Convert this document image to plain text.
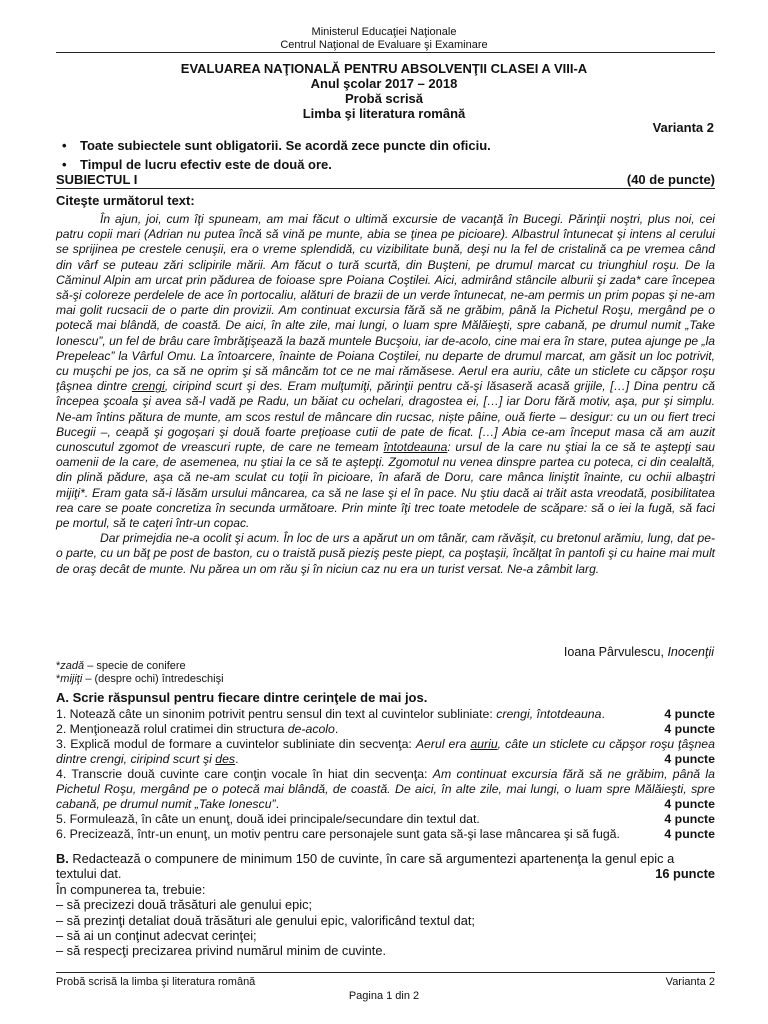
Ministerul Educaţiei Naţionale
Centrul Naţional de Evaluare şi Examinare
EVALUAREA NAŢIONALĂ PENTRU ABSOLVENŢII CLASEI A VIII-A
Anul şcolar 2017 – 2018
Probă scrisă
Limba şi literatura română
Varianta 2
•	Toate subiectele sunt obligatorii. Se acordă zece puncte din oficiu.
•	Timpul de lucru efectiv este de două ore.
SUBIECTUL I	(40 de puncte)
Citeşte următorul text:

În ajun, joi, cum îţi spuneam, am mai făcut o ultimă excursie de vacanţă în Bucegi. Părinţii noştri, plus noi, cei patru copii mari (Adrian nu putea încă să vină pe munte, abia se ţinea pe picioare). Albastrul întunecat şi intens al cerului se sprijinea pe crestele cenuşii, era o vreme splendidă, cu vizibilitate bună, deşi nu la fel de cristalină ca pe vremea când din vârf se puteau zări sclipirile mării. Am făcut o tură scurtă, din Buşteni, pe drumul marcat cu triunghiul roşu. De la Căminul Alpin am urcat prin pădurea de foioase spre Poiana Coştilei. Aici, admirând stâncile alburii şi zada* care începea să-şi coloreze perdelele de ace în portocaliu, alături de brazii de un verde întunecat, ne-am permis un prim popas şi ne-am mai golit rucsacii de o parte din provizii. Am continuat excursia fără să ne grăbim, până la Pichetul Roşu, mergând pe o potecă mai blândă, de coastă. De aici, în alte zile, mai lungi, o luam spre Mălăieşti, spre cabană, pe drumul numit „Take Ionescu”, un fel de brâu care îmbrăţişează la bază muntele Bucşoiu, iar de-acolo, cine mai era în stare, putea ajunge pe „la Prepeleac” la Vârful Omu. La întoarcere, înainte de Poiana Coştilei, nu departe de drumul marcat, am găsit un loc potrivit, cu muşchi pe jos, ca să ne oprim şi să mâncăm tot ce ne mai rămăsese. Aerul era auriu, câte un sticlete cu căpşor roşu ţâşnea dintre crengi, ciripind scurt şi des. Eram mulţumiţi, părinţii pentru că-şi lăsaseră acasă grijile, […] Dina pentru că începea şcoala şi avea să-l vadă pe Radu, un băiat cu ochelari, dragostea ei, […] iar Doru fără motiv, aşa, pur şi simplu. Ne-am întins pătura de munte, am scos restul de mâncare din rucsac, niște pâine, ouă fierte – desigur: cu un ou fiert treci Bucegii –, ceapă şi gogoşari şi două foarte preţioase cutii de pate de ficat. […] Abia ce-am început masa că am auzit cunoscutul zgomot de vreascuri rupte, de care ne temeam întotdeauna: ursul de la care nu ştiai la ce să te aştepţi sau oamenii de la care, de asemenea, nu ştiai la ce să te aştepţi. Zgomotul nu venea dinspre partea cu poteca, ci din cealaltă, din plină pădure, aşa că ne-am sculat cu toţii în picioare, în afară de Doru, care mânca liniştit înainte, cu ochii albaştri mijiţi*. Eram gata să-i lăsăm ursului mâncarea, ca să ne lase şi el în pace. Nu ştiu dacă ai trăit asta vreodată, posibilitatea rea care se poate concretiza în secunda următoare. Prin minte îţi trec toate metodele de scăpare: să o iei la fugă, să faci pe mortul, să te caţeri într-un copac.

Dar primejdia ne-a ocolit şi acum. În loc de urs a apărut un om tânăr, cam răvăşit, cu bretonul arămiu, lung, dat pe-o parte, cu un băţ pe post de baston, cu o traistă pusă pieziş peste piept, ca poştaşii, încălţat în pantofi şi cu haine mai mult de oraş decât de munte. Nu părea un om rău şi în niciun caz nu era un turist versat. Ne-a zâmbit larg.

Ioana Pârvulescu, Inocenţii
*zadă – specie de conifere
*mijiţi – (despre ochi) întredeschişi
A. Scrie răspunsul pentru fiecare dintre cerinţele de mai jos.
1. Notează câte un sinonim potrivit pentru sensul din text al cuvintelor subliniate: crengi, întotdeauna.	4 puncte
2. Menţionează rolul cratimei din structura de-acolo.	4 puncte
3. Explică modul de formare a cuvintelor subliniate din secvenţa: Aerul era auriu, câte un sticlete cu căpşor roşu ţâşnea dintre crengi, ciripind scurt şi des.	4 puncte
4. Transcrie două cuvinte care conţin vocale în hiat din secvenţa: Am continuat excursia fără să ne grăbim, până la Pichetul Roşu, mergând pe o potecă mai blândă, de coastă. De aici, în alte zile, mai lungi, o luam spre Mălăieşti, spre cabană, pe drumul numit „Take Ionescu”.	4 puncte
5. Formulează, în câte un enunţ, două idei principale/secundare din textul dat.	4 puncte
6. Precizează, într-un enunţ, un motiv pentru care personajele sunt gata să-şi lase mâncarea şi să fugă.	4 puncte
B. Redactează o compunere de minimum 150 de cuvinte, în care să argumentezi apartenenţa la genul epic a textului dat.	16 puncte
În compunerea ta, trebuie:
– să precizezi două trăsături ale genului epic;
– să prezinţi detaliat două trăsături ale genului epic, valorificând textul dat;
– să ai un conţinut adecvat cerinţei;
– să respecţi precizarea privind numărul minim de cuvinte.
Probă scrisă la limba şi literatura română	Varianta 2
Pagina 1 din 2
